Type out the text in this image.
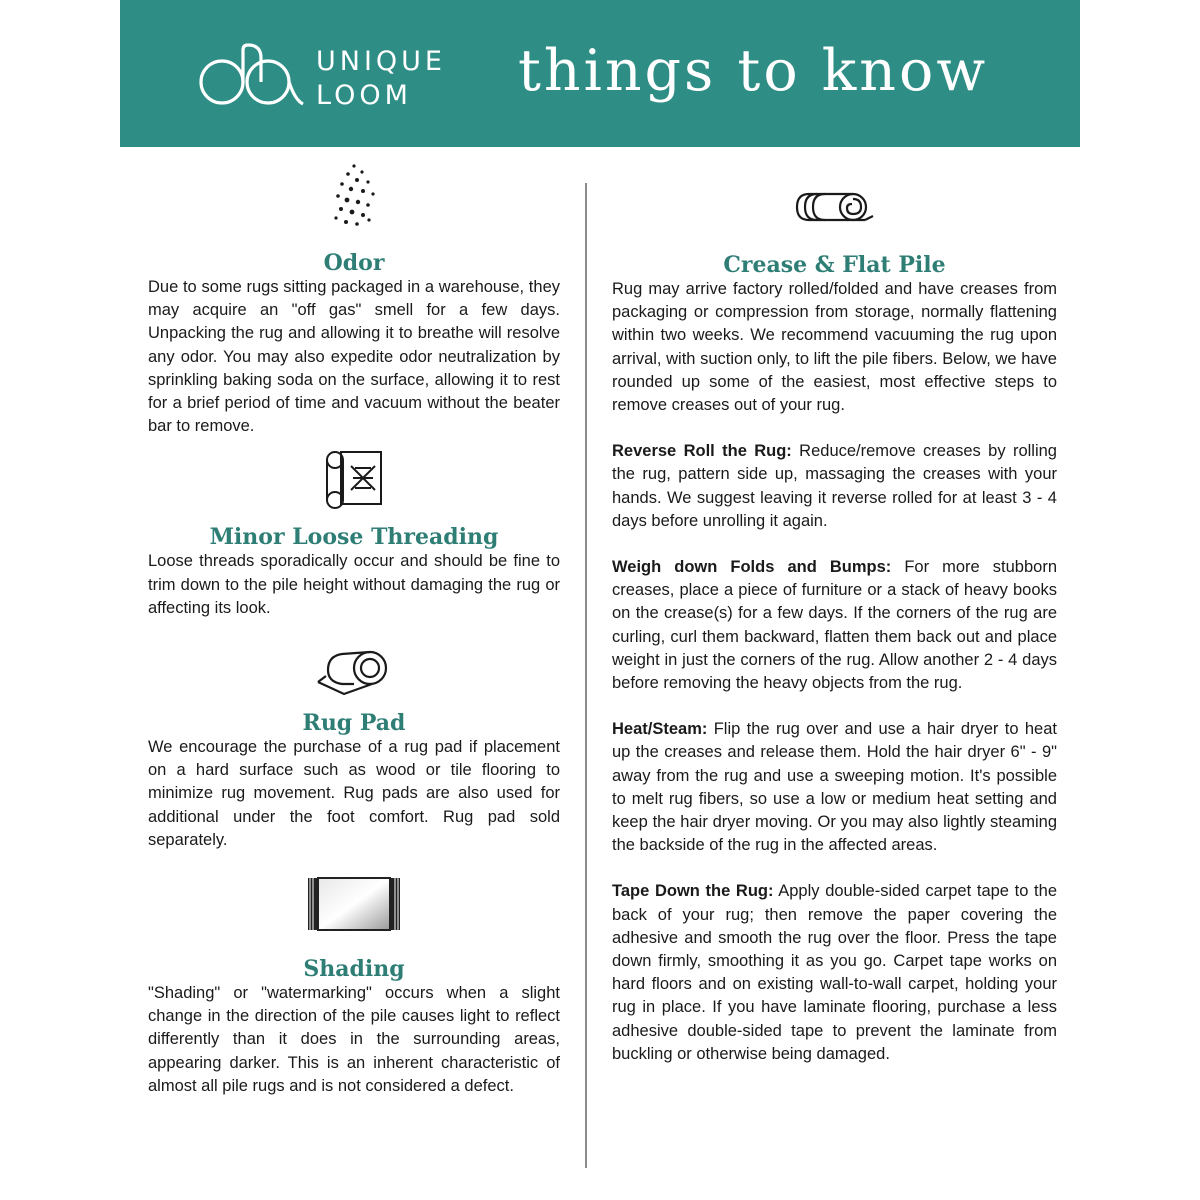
UNIQUE
LOOM things to know
Odor

Due to some rugs sitting packaged in a warehouse, they may acquire an "off gas" smell for a few days. Unpacking the rug and allowing it to breathe will resolve any odor. You may also expedite odor neutralization by sprinkling baking soda on the surface, allowing it to rest for a brief period of time and vacuum without the beater bar to remove.

Minor Loose Threading

Loose threads sporadically occur and should be fine to trim down to the pile height without damaging the rug or affecting its look.

Rug Pad

We encourage the purchase of a rug pad if placement on a hard surface such as wood or tile flooring to minimize rug movement. Rug pads are also used for additional under the foot comfort. Rug pad sold separately.

Shading

"Shading" or "watermarking" occurs when a slight change in the direction of the pile causes light to reflect differently than it does in the surrounding areas, appearing darker. This is an inherent characteristic of almost all pile rugs and is not considered a defect.

Crease & Flat Pile

Rug may arrive factory rolled/folded and have creases from packaging or compression from storage, normally flattening within two weeks. We recommend vacuuming the rug upon arrival, with suction only, to lift the pile fibers. Below, we have rounded up some of the easiest, most effective steps to remove creases out of your rug.

Reverse Roll the Rug: Reduce/remove creases by rolling the rug, pattern side up, massaging the creases with your hands. We suggest leaving it reverse rolled for at least 3 - 4 days before unrolling it again.

Weigh down Folds and Bumps: For more stubborn creases, place a piece of furniture or a stack of heavy books on the crease(s) for a few days. If the corners of the rug are curling, curl them backward, flatten them back out and place weight in just the corners of the rug. Allow another 2 - 4 days before removing the heavy objects from the rug.

Heat/Steam: Flip the rug over and use a hair dryer to heat up the creases and release them. Hold the hair dryer 6" - 9" away from the rug and use a sweeping motion. It's possible to melt rug fibers, so use a low or medium heat setting and keep the hair dryer moving. Or you may also lightly steaming the backside of the rug in the affected areas.

Tape Down the Rug: Apply double-sided carpet tape to the back of your rug; then remove the paper covering the adhesive and smooth the rug over the floor. Press the tape down firmly, smoothing it as you go. Carpet tape works on hard floors and on existing wall-to-wall carpet, holding your rug in place. If you have laminate flooring, purchase a less adhesive double-sided tape to prevent the laminate from buckling or otherwise being damaged.
